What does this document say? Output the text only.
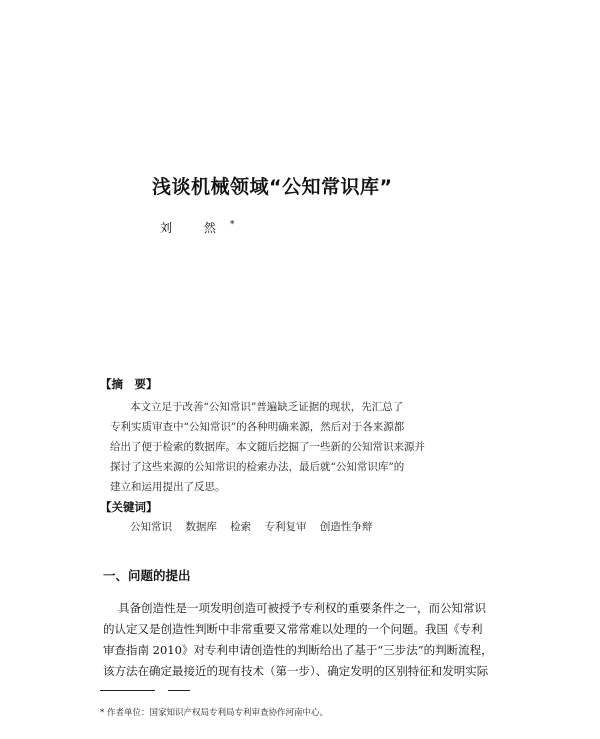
浅谈机械领域“公知常识库”
刘 然*
【摘　要】
本文立足于改善“公知常识”普遍缺乏证据的现状，先汇总了
专利实质审查中“公知常识”的各种明确来源，然后对于各来源都
给出了便于检索的数据库。本文随后挖掘了一些新的公知常识来源并
探讨了这些来源的公知常识的检索办法，最后就“公知常识库”的
建立和运用提出了反思。
【关键词】
公知常识 数据库 检索 专利复审 创造性争辩
一、问题的提出
具备创造性是一项发明创造可被授予专利权的重要条件之一，而公知常识
的认定又是创造性判断中非常重要又常常难以处理的一个问题。我国《专利
审查指南 2010》对专利申请创造性的判断给出了基于“三步法”的判断流程，
该方法在确定最接近的现有技术（第一步）、确定发明的区别特征和发明实际
* 作者单位：国家知识产权局专利局专利审查协作河南中心。
